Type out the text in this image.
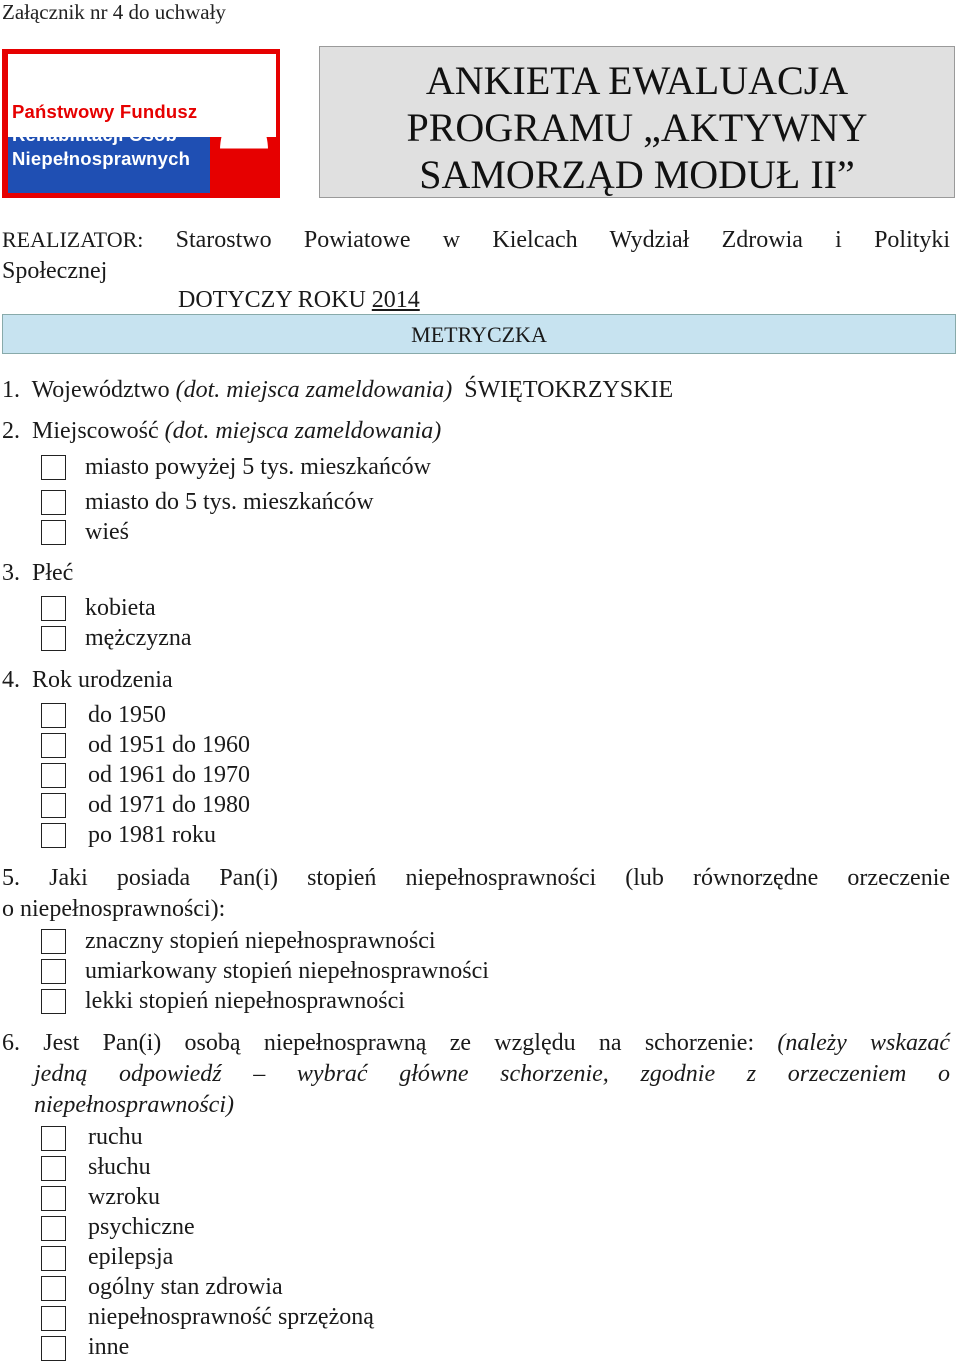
Załącznik nr 4 do uchwały
Państwowy Fundusz
Rehabilitacji Osób
Niepełnosprawnych
ANKIETA EWALUACJA
PROGRAMU „AKTYWNY
SAMORZĄD MODUŁ II”
REALIZATOR: Starostwo Powiatowe w Kielcach Wydział Zdrowia i Polityki
Społecznej
DOTYCZY ROKU 2014
METRYCZKA
1. Województwo (dot. miejsca zameldowania) ŚWIĘTOKRZYSKIE
2. Miejscowość (dot. miejsca zameldowania)
miasto powyżej 5 tys. mieszkańców
miasto do 5 tys. mieszkańców
wieś
3. Płeć
kobieta
mężczyzna
4. Rok urodzenia
do 1950
od 1951 do 1960
od 1961 do 1970
od 1971 do 1980
po 1981 roku
5. Jaki posiada Pan(i) stopień niepełnosprawności (lub równorzędne orzeczenie
o niepełnosprawności):
znaczny stopień niepełnosprawności
umiarkowany stopień niepełnosprawności
lekki stopień niepełnosprawności
6. Jest Pan(i) osobą niepełnosprawną ze względu na schorzenie: (należy wskazać
jedną odpowiedź – wybrać główne schorzenie, zgodnie z orzeczeniem o
niepełnosprawności)
ruchu
słuchu
wzroku
psychiczne
epilepsja
ogólny stan zdrowia
niepełnosprawność sprzężoną
inne
